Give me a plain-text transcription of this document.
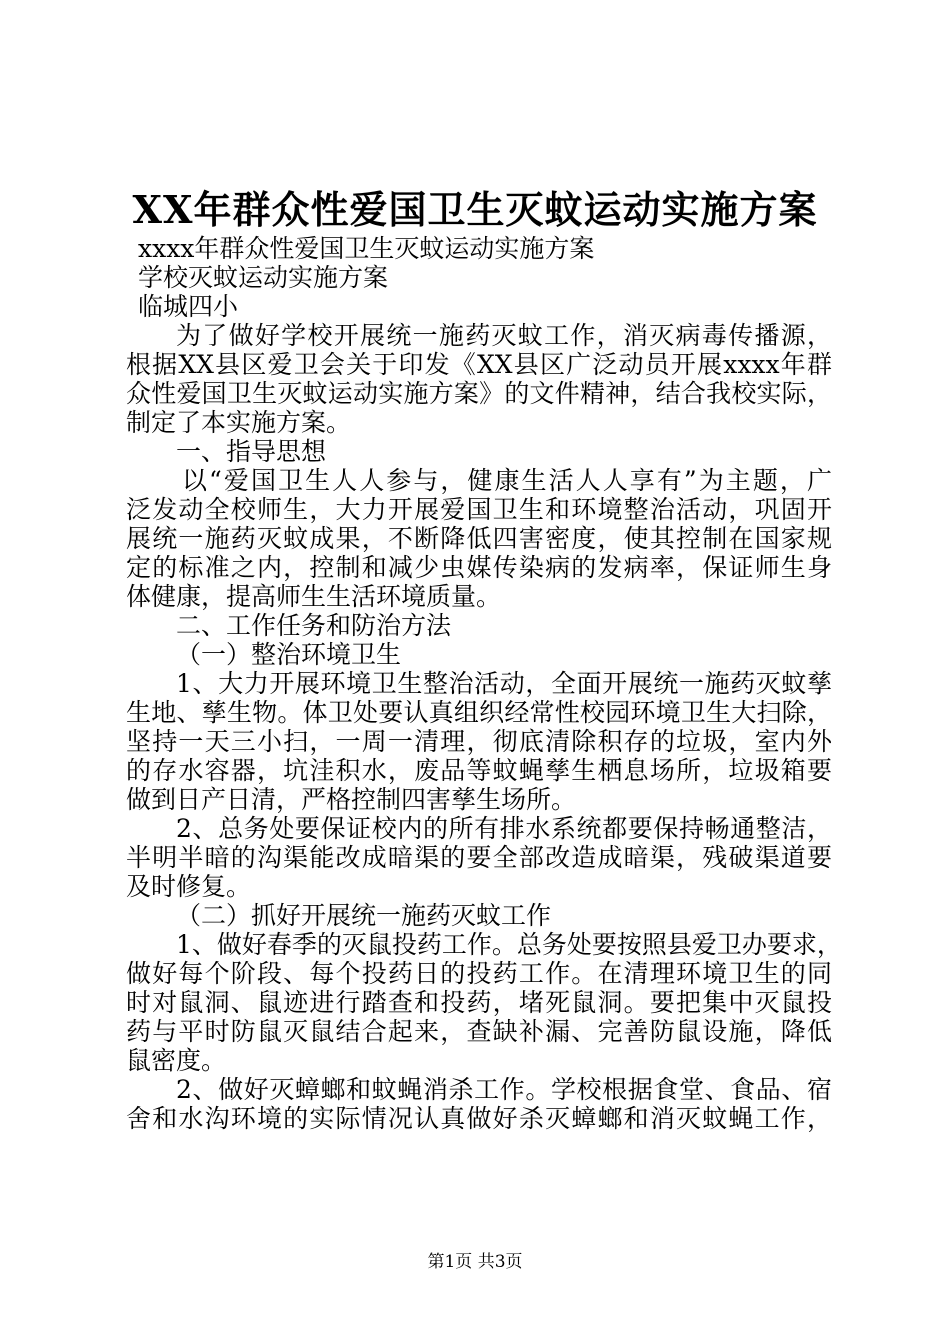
XX年群众性爱国卫生灭蚊运动实施方案
xxxx年群众性爱国卫生灭蚊运动实施方案
学校灭蚊运动实施方案
临城四小
为了做好学校开展统一施药灭蚊工作，消灭病毒传播源，
根据XX县区爱卫会关于印发《XX县区广泛动员开展xxxx年群
众性爱国卫生灭蚊运动实施方案》的文件精神，结合我校实际，
制定了本实施方案。
一、指导思想
以“爱国卫生人人参与，健康生活人人享有”为主题，广
泛发动全校师生，大力开展爱国卫生和环境整治活动，巩固开
展统一施药灭蚊成果，不断降低四害密度，使其控制在国家规
定的标准之内，控制和减少虫媒传染病的发病率，保证师生身
体健康，提高师生生活环境质量。
二、工作任务和防治方法
（一）整治环境卫生
1、大力开展环境卫生整治活动，全面开展统一施药灭蚊孳
生地、孳生物。体卫处要认真组织经常性校园环境卫生大扫除，
坚持一天三小扫，一周一清理，彻底清除积存的垃圾，室内外
的存水容器，坑洼积水，废品等蚊蝇孳生栖息场所，垃圾箱要
做到日产日清，严格控制四害孳生场所。
2、总务处要保证校内的所有排水系统都要保持畅通整洁，
半明半暗的沟渠能改成暗渠的要全部改造成暗渠，残破渠道要
及时修复。
（二）抓好开展统一施药灭蚊工作
1、做好春季的灭鼠投药工作。总务处要按照县爱卫办要求，
做好每个阶段、每个投药日的投药工作。在清理环境卫生的同
时对鼠洞、鼠迹进行踏查和投药，堵死鼠洞。要把集中灭鼠投
药与平时防鼠灭鼠结合起来，查缺补漏、完善防鼠设施，降低
鼠密度。
2、做好灭蟑螂和蚊蝇消杀工作。学校根据食堂、食品、宿
舍和水沟环境的实际情况认真做好杀灭蟑螂和消灭蚊蝇工作，
第1页 共3页
